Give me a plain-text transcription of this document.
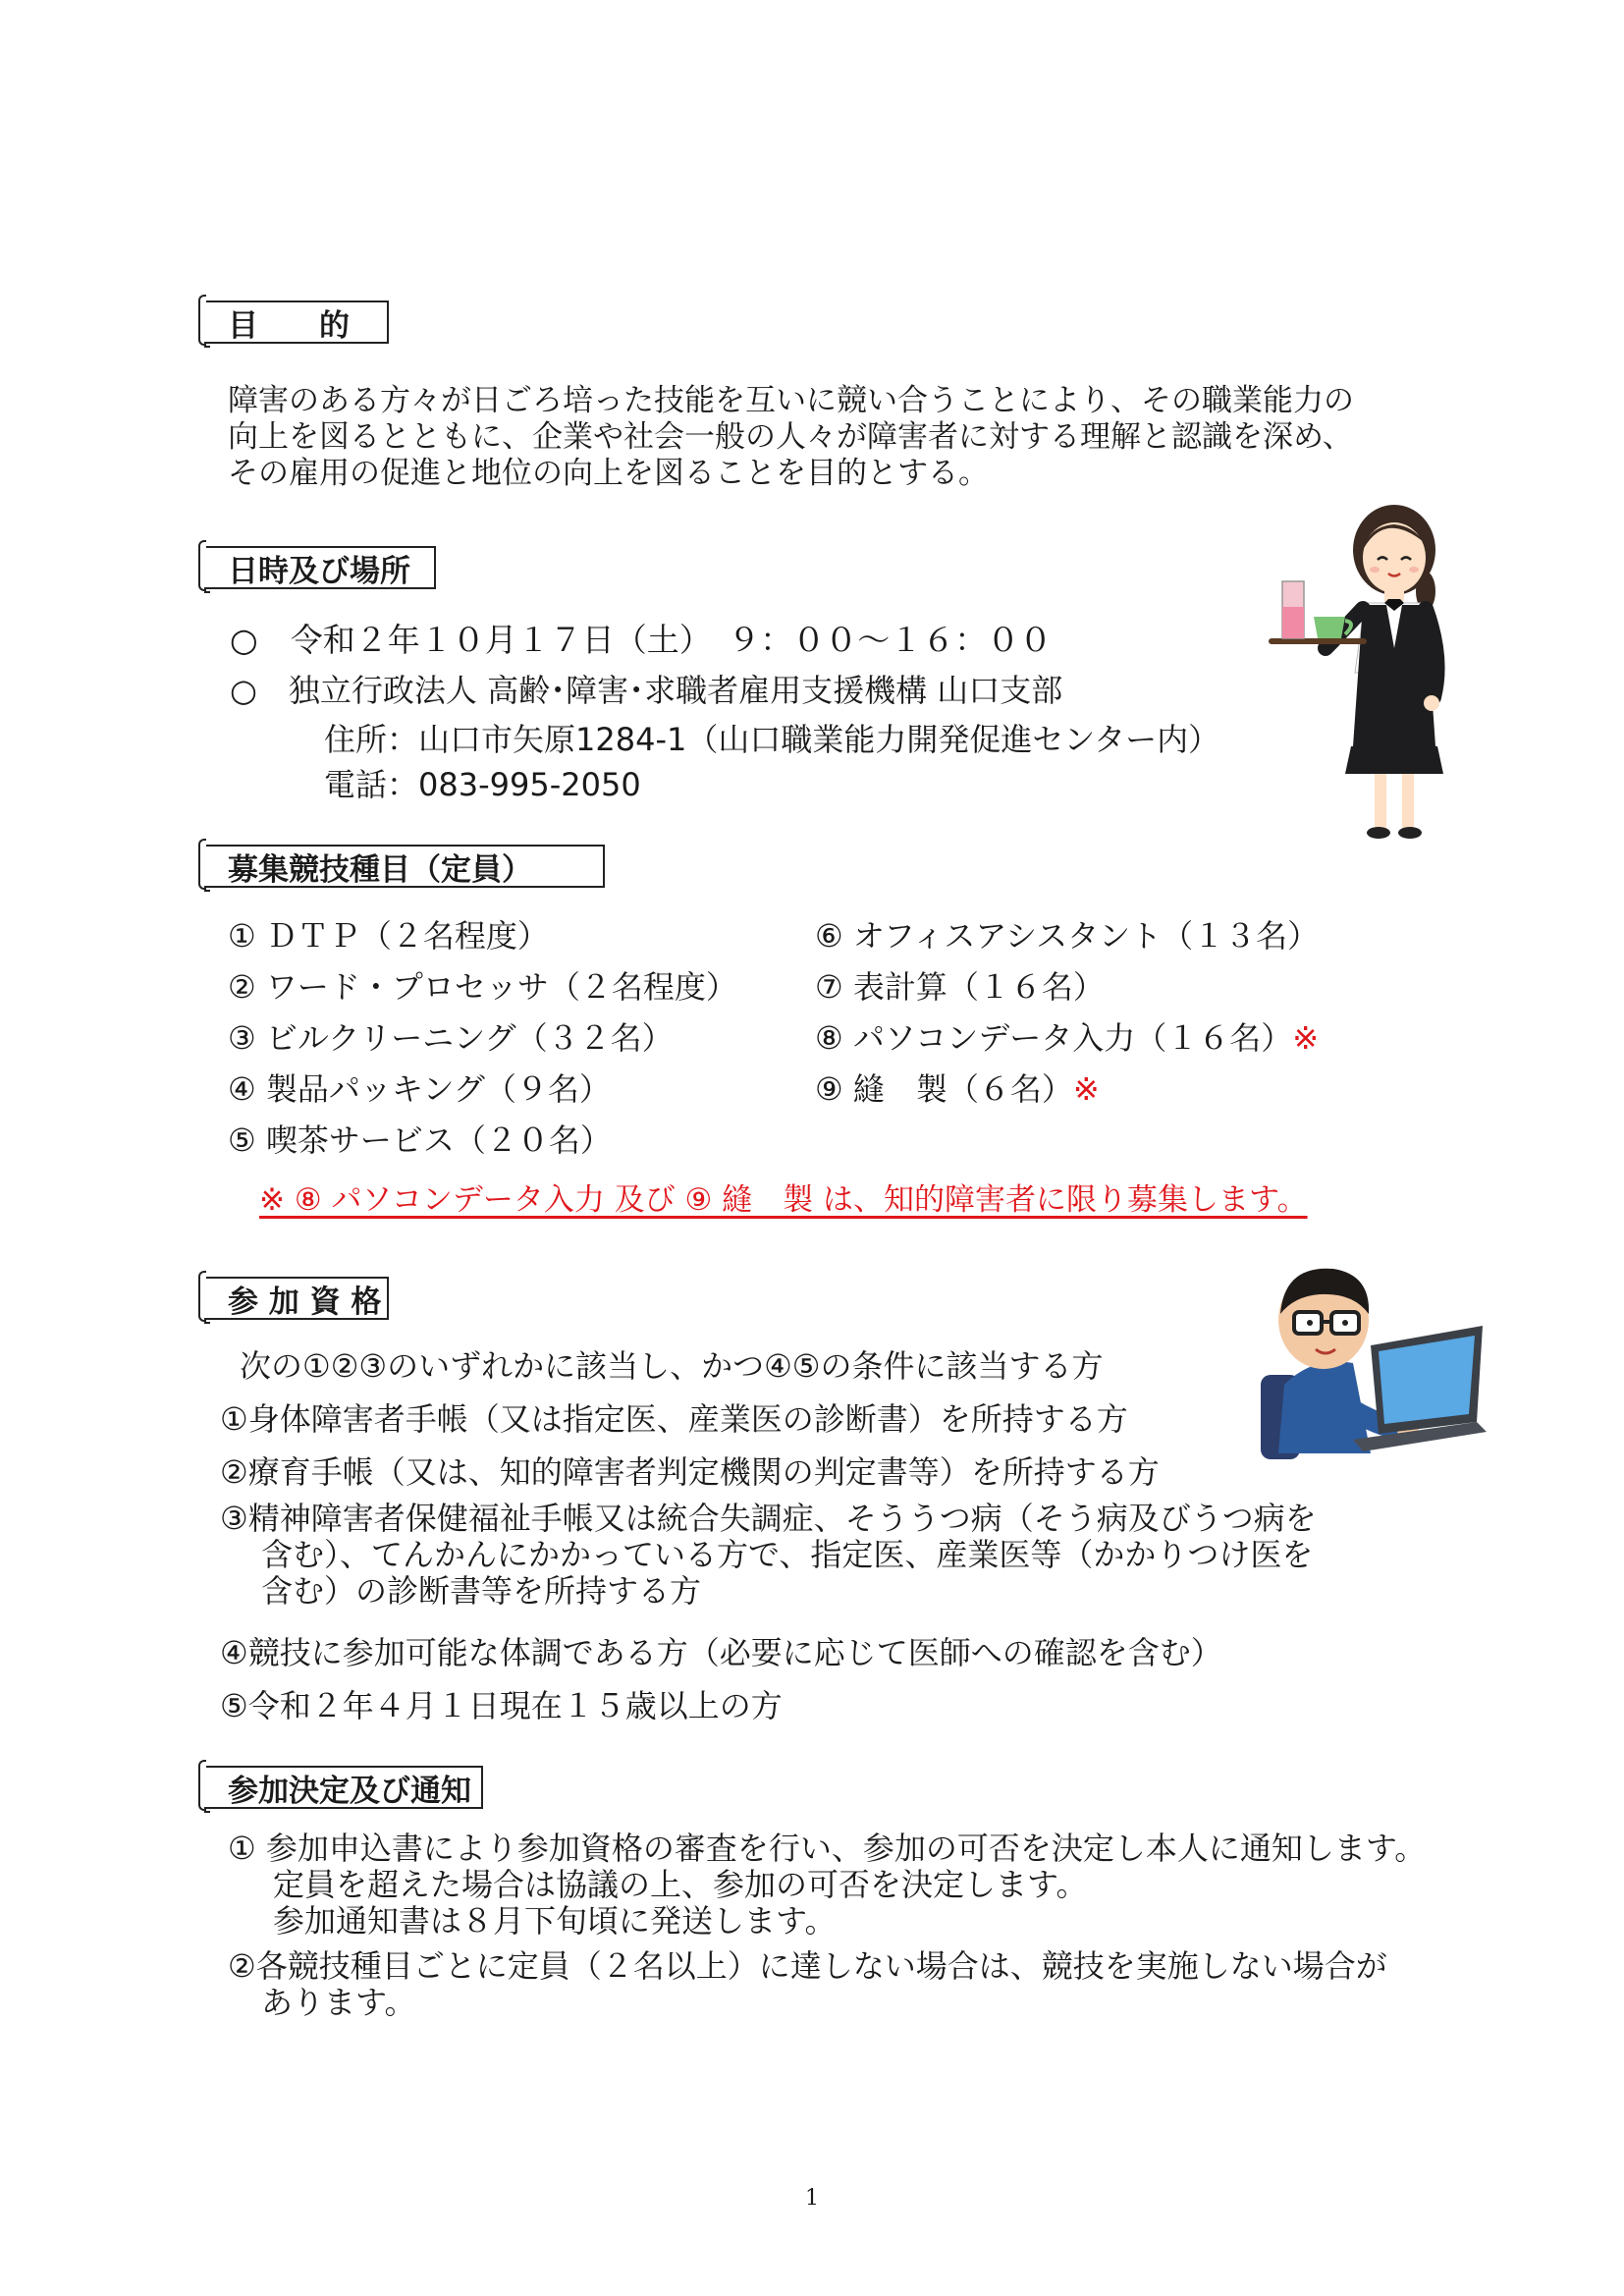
目　　的
障害のある方々が日ごろ培った技能を互いに競い合うことにより、その職業能力の
向上を図るとともに、企業や社会一般の人々が障害者に対する理解と認識を深め、
その雇用の促進と地位の向上を図ることを目的とする。
日時及び場所
○　令和２年１０月１７日（土）　９：００～１６：００
○　独立行政法人 高齢･障害･求職者雇用支援機構 山口支部
住所：山口市矢原1284-1（山口職業能力開発促進センター内）
電話：083-995-2050
募集競技種目（定員）
① ＤＴＰ（２名程度）
② ワード・プロセッサ（２名程度）
③ ビルクリーニング（３２名）
④ 製品パッキング（９名）
⑤ 喫茶サービス（２０名）
⑥ オフィスアシスタント（１３名）
⑦ 表計算（１６名）
⑧ パソコンデータ入力（１６名）※
⑨ 縫　製（６名）※
※ ⑧ パソコンデータ入力 及び ⑨ 縫　製 は、知的障害者に限り募集します。
参 加 資 格
次の①②③のいずれかに該当し、かつ④⑤の条件に該当する方
①身体障害者手帳（又は指定医、産業医の診断書）を所持する方
②療育手帳（又は、知的障害者判定機関の判定書等）を所持する方
③精神障害者保健福祉手帳又は統合失調症、そううつ病（そう病及びうつ病を
含む）、てんかんにかかっている方で、指定医、産業医等（かかりつけ医を
含む）の診断書等を所持する方
④競技に参加可能な体調である方（必要に応じて医師への確認を含む）
⑤令和２年４月１日現在１５歳以上の方
参加決定及び通知
① 参加申込書により参加資格の審査を行い、参加の可否を決定し本人に通知します。
定員を超えた場合は協議の上、参加の可否を決定します。
参加通知書は８月下旬頃に発送します。
②各競技種目ごとに定員（２名以上）に達しない場合は、競技を実施しない場合が
あります。
1
